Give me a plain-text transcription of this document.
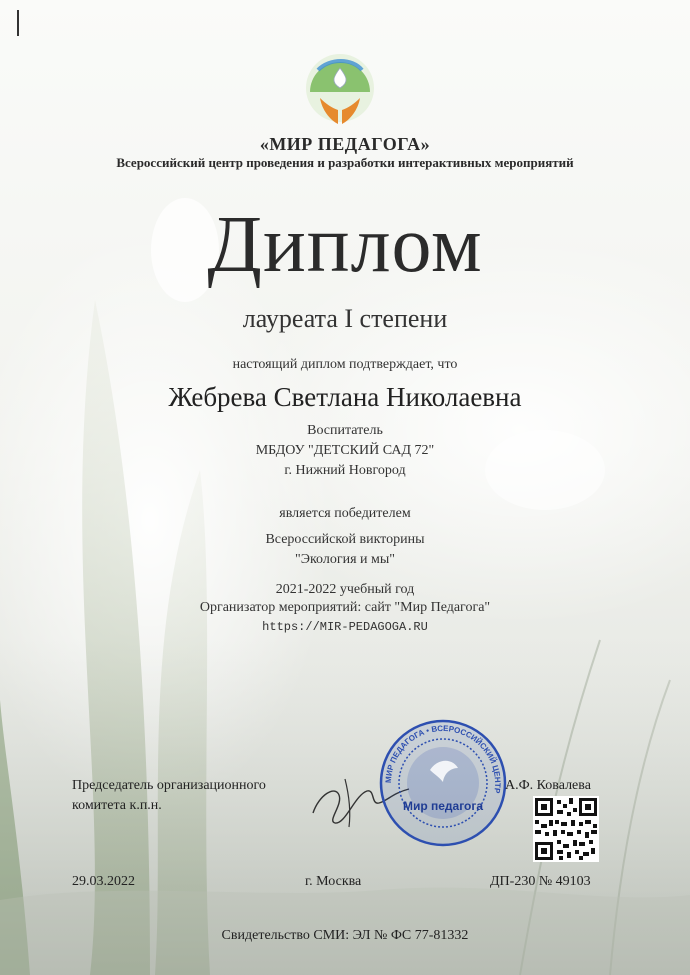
«МИР ПЕДАГОГА»
Всероссийский центр проведения и разработки интерактивных мероприятий
Диплом
лауреата I степени
настоящий диплом подтверждает, что
Жебрева Светлана Николаевна
Воспитатель
МБДОУ "ДЕТСКИЙ САД 72"
г. Нижний Новгород
является победителем
Всероссийской викторины
"Экология и мы"
2021-2022 учебный год
Организатор мероприятий: сайт "Мир Педагога"
https://MIR-PEDAGOGA.RU
Председатель организационного
комитета к.п.н.
МИР ПЕДАГОГА • ВСЕРОССИЙСКИЙ ЦЕНТР
Мир педагога
А.Ф. Ковалева
29.03.2022	г. Москва	ДП-230 № 49103
Свидетельство СМИ: ЭЛ № ФС 77-81332
